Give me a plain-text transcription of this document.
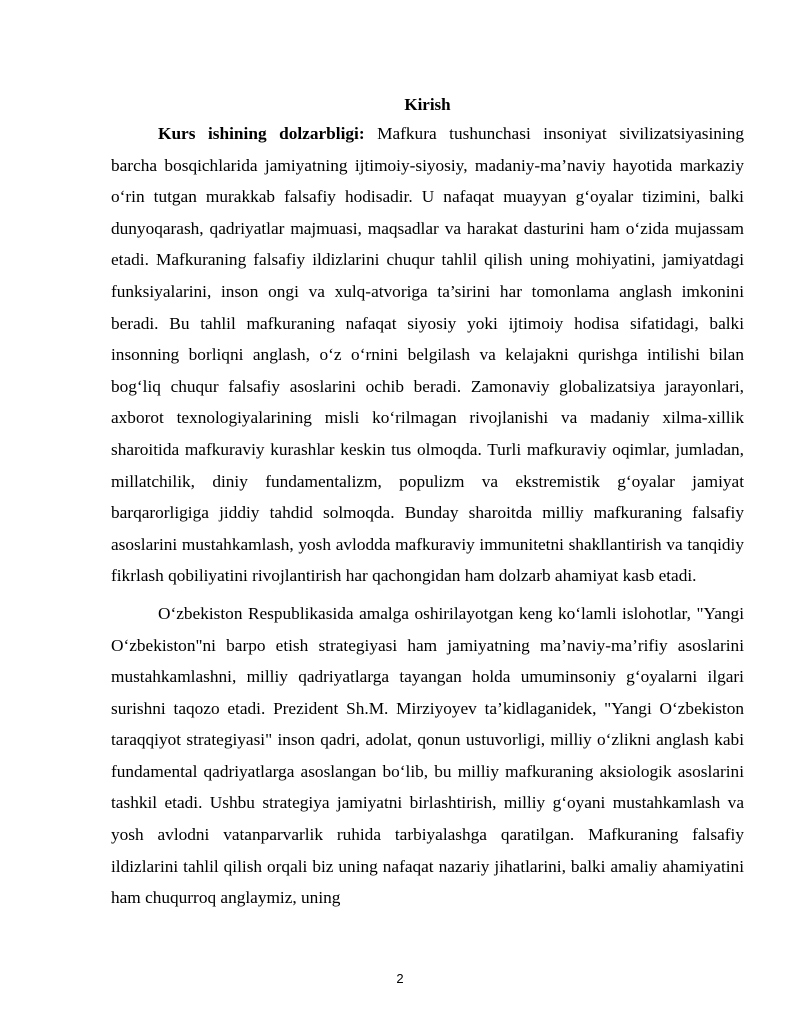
Kirish

Kurs ishining dolzarbligi: Mafkura tushunchasi insoniyat sivilizatsiyasining barcha bosqichlarida jamiyatning ijtimoiy-siyosiy, madaniy-ma’naviy hayotida markaziy o‘rin tutgan murakkab falsafiy hodisadir. U nafaqat muayyan g‘oyalar tizimini, balki dunyoqarash, qadriyatlar majmuasi, maqsadlar va harakat dasturini ham o‘zida mujassam etadi. Mafkuraning falsafiy ildizlarini chuqur tahlil qilish uning mohiyatini, jamiyatdagi funksiyalarini, inson ongi va xulq-atvoriga ta’sirini har tomonlama anglash imkonini beradi. Bu tahlil mafkuraning nafaqat siyosiy yoki ijtimoiy hodisa sifatidagi, balki insonning borliqni anglash, o‘z o‘rnini belgilash va kelajakni qurishga intilishi bilan bog‘liq chuqur falsafiy asoslarini ochib beradi. Zamonaviy globalizatsiya jarayonlari, axborot texnologiyalarining misli ko‘rilmagan rivojlanishi va madaniy xilma-xillik sharoitida mafkuraviy kurashlar keskin tus olmoqda. Turli mafkuraviy oqimlar, jumladan, millatchilik, diniy fundamentalizm, populizm va ekstremistik g‘oyalar jamiyat barqarorligiga jiddiy tahdid solmoqda. Bunday sharoitda milliy mafkuraning falsafiy asoslarini mustahkamlash, yosh avlodda mafkuraviy immunitetni shakllantirish va tanqidiy fikrlash qobiliyatini rivojlantirish har qachongidan ham dolzarb ahamiyat kasb etadi.

O‘zbekiston Respublikasida amalga oshirilayotgan keng ko‘lamli islohotlar, "Yangi O‘zbekiston"ni barpo etish strategiyasi ham jamiyatning ma’naviy-ma’rifiy asoslarini mustahkamlashni, milliy qadriyatlarga tayangan holda umuminsoniy g‘oyalarni ilgari surishni taqozo etadi. Prezident Sh.M. Mirziyoyev ta’kidlaganidek, "Yangi O‘zbekiston taraqqiyot strategiyasi" inson qadri, adolat, qonun ustuvorligi, milliy o‘zlikni anglash kabi fundamental qadriyatlarga asoslangan bo‘lib, bu milliy mafkuraning aksiologik asoslarini tashkil etadi. Ushbu strategiya jamiyatni birlashtirish, milliy g‘oyani mustahkamlash va yosh avlodni vatanparvarlik ruhida tarbiyalashga qaratilgan. Mafkuraning falsafiy ildizlarini tahlil qilish orqali biz uning nafaqat nazariy jihatlarini, balki amaliy ahamiyatini ham chuqurroq anglaymiz, uning

2
